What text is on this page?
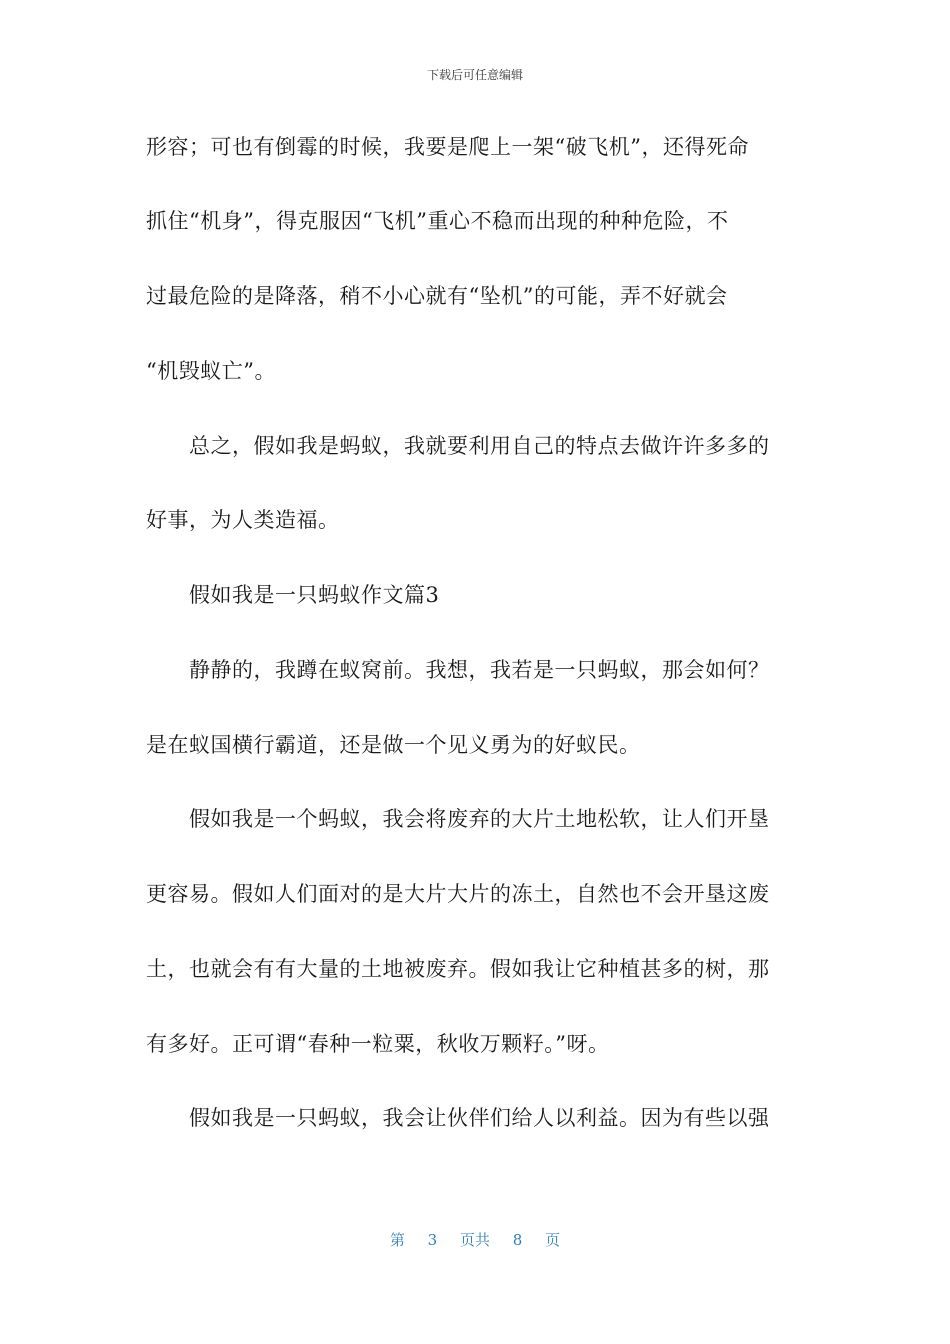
下载后可任意编辑
形容；可也有倒霉的时候，我要是爬上一架“破飞机”，还得死命
抓住“机身”，得克服因“飞机”重心不稳而出现的种种危险，不
过最危险的是降落，稍不小心就有“坠机”的可能，弄不好就会
“机毁蚁亡”。
总之，假如我是蚂蚁，我就要利用自己的特点去做许许多多的
好事，为人类造福。
假如我是一只蚂蚁作文篇3
静静的，我蹲在蚁窝前。我想，我若是一只蚂蚁，那会如何？
是在蚁国横行霸道，还是做一个见义勇为的好蚁民。
假如我是一个蚂蚁，我会将废弃的大片土地松软，让人们开垦
更容易。假如人们面对的是大片大片的冻土，自然也不会开垦这废
土，也就会有有大量的土地被废弃。假如我让它种植甚多的树，那
有多好。正可谓“春种一粒粟，秋收万颗籽。”呀。
假如我是一只蚂蚁，我会让伙伴们给人以利益。因为有些以强
第 3 页共 8 页
